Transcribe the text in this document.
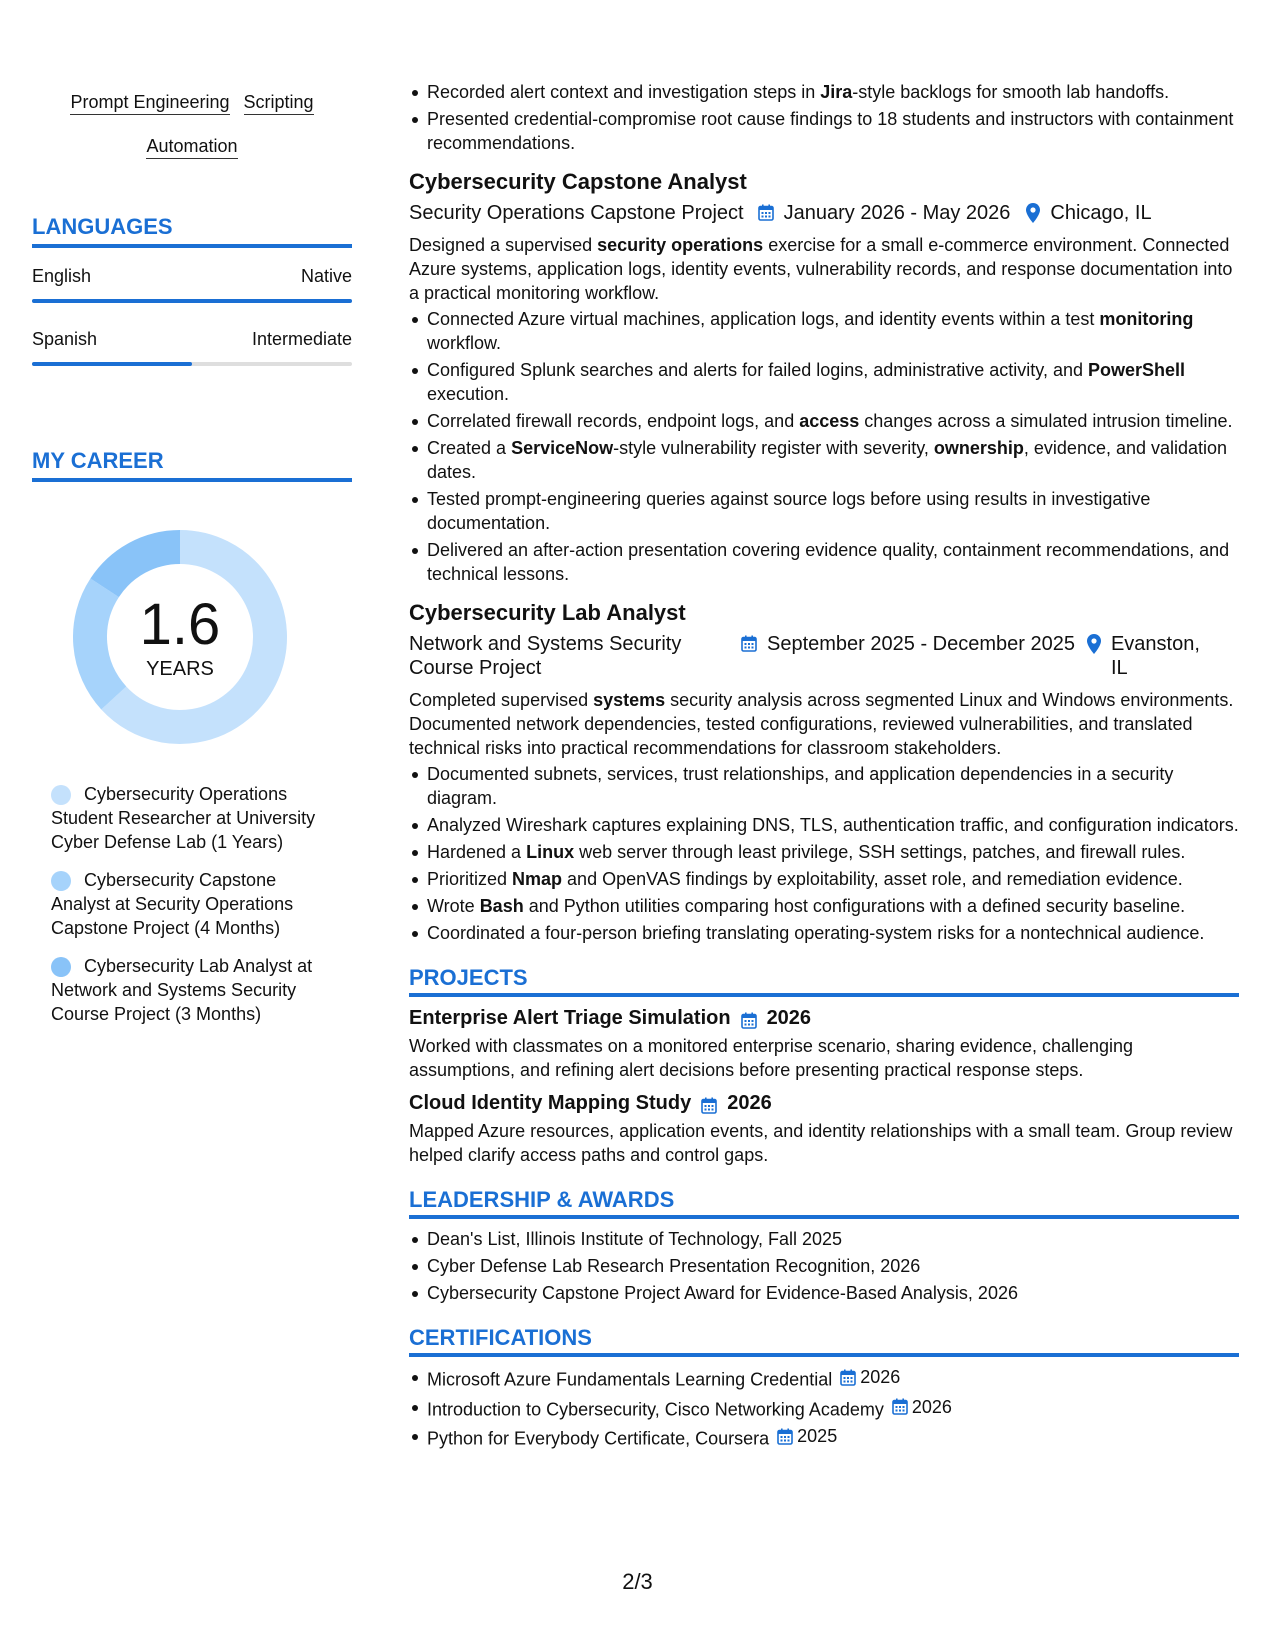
Prompt Engineering Scripting
Automation
LANGUAGES
English	Native
Spanish	Intermediate
MY CAREER
1.6
YEARS
Cybersecurity Operations Student Researcher at University Cyber Defense Lab (1 Years)
Cybersecurity Capstone Analyst at Security Operations Capstone Project (4 Months)
Cybersecurity Lab Analyst at Network and Systems Security Course Project (3 Months)
Recorded alert context and investigation steps in Jira-style backlogs for smooth lab handoffs.
Presented credential-compromise root cause findings to 18 students and instructors with containment recommendations.
Cybersecurity Capstone Analyst
Security Operations Capstone Project January 2026 - May 2026 Chicago, IL
Designed a supervised security operations exercise for a small e-commerce environment. Connected Azure systems, application logs, identity events, vulnerability records, and response documentation into a practical monitoring workflow.
Connected Azure virtual machines, application logs, and identity events within a test monitoring workflow.
Configured Splunk searches and alerts for failed logins, administrative activity, and PowerShell execution.
Correlated firewall records, endpoint logs, and access changes across a simulated intrusion timeline.
Created a ServiceNow-style vulnerability register with severity, ownership, evidence, and validation dates.
Tested prompt-engineering queries against source logs before using results in investigative documentation.
Delivered an after-action presentation covering evidence quality, containment recommendations, and technical lessons.
Cybersecurity Lab Analyst
Network and Systems Security Course Project
September 2025 - December 2025 Evanston, IL
Completed supervised systems security analysis across segmented Linux and Windows environments. Documented network dependencies, tested configurations, reviewed vulnerabilities, and translated technical risks into practical recommendations for classroom stakeholders.
Documented subnets, services, trust relationships, and application dependencies in a security diagram.
Analyzed Wireshark captures explaining DNS, TLS, authentication traffic, and configuration indicators.
Hardened a Linux web server through least privilege, SSH settings, patches, and firewall rules.
Prioritized Nmap and OpenVAS findings by exploitability, asset role, and remediation evidence.
Wrote Bash and Python utilities comparing host configurations with a defined security baseline.
Coordinated a four-person briefing translating operating-system risks for a nontechnical audience.
PROJECTS
Enterprise Alert Triage Simulation 2026
Worked with classmates on a monitored enterprise scenario, sharing evidence, challenging assumptions, and refining alert decisions before presenting practical response steps.
Cloud Identity Mapping Study 2026
Mapped Azure resources, application events, and identity relationships with a small team. Group review helped clarify access paths and control gaps.
LEADERSHIP & AWARDS
Dean's List, Illinois Institute of Technology, Fall 2025
Cyber Defense Lab Research Presentation Recognition, 2026
Cybersecurity Capstone Project Award for Evidence-Based Analysis, 2026
CERTIFICATIONS
Microsoft Azure Fundamentals Learning Credential 2026
Introduction to Cybersecurity, Cisco Networking Academy 2026
Python for Everybody Certificate, Coursera 2025
2/3
